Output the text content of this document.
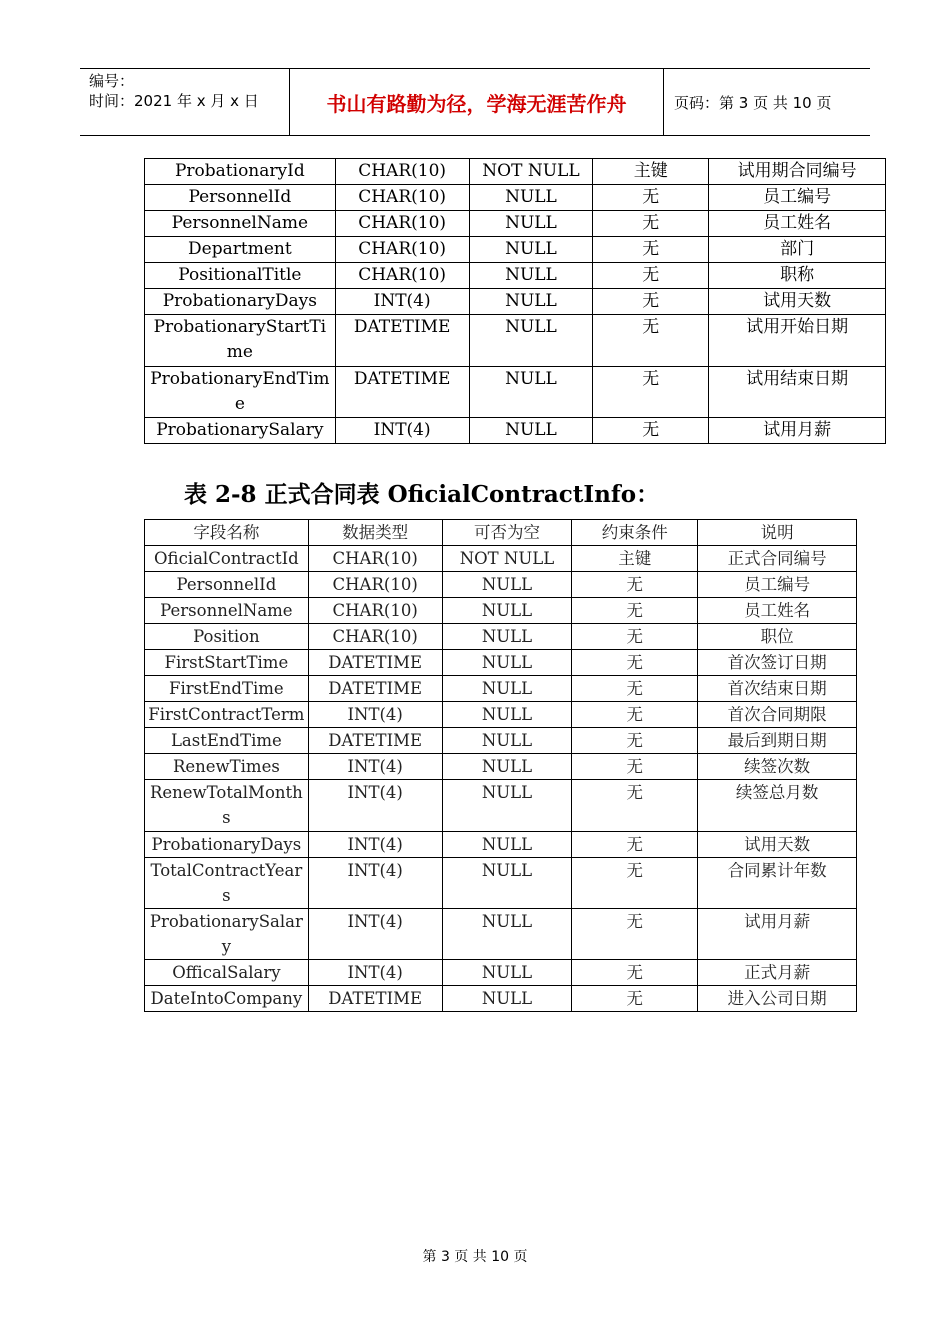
编号：
时间：2021 年 x 月 x 日	书山有路勤为径，学海无涯苦作舟	页码：第 3 页 共 10 页
ProbationaryId	CHAR(10)	NOT NULL	主键	试用期合同编号
PersonnelId	CHAR(10)	NULL	无	员工编号
PersonnelName	CHAR(10)	NULL	无	员工姓名
Department	CHAR(10)	NULL	无	部门
PositionalTitle	CHAR(10)	NULL	无	职称
ProbationaryDays	INT(4)	NULL	无	试用天数
ProbationaryStartTime	DATETIME	NULL	无	试用开始日期
ProbationaryEndTime	DATETIME	NULL	无	试用结束日期
ProbationarySalary	INT(4)	NULL	无	试用月薪
表 2-8 正式合同表 OficialContractInfo：
字段名称	数据类型	可否为空	约束条件	说明
OficialContractId	CHAR(10)	NOT NULL	主键	正式合同编号
PersonnelId	CHAR(10)	NULL	无	员工编号
PersonnelName	CHAR(10)	NULL	无	员工姓名
Position	CHAR(10)	NULL	无	职位
FirstStartTime	DATETIME	NULL	无	首次签订日期
FirstEndTime	DATETIME	NULL	无	首次结束日期
FirstContractTerm	INT(4)	NULL	无	首次合同期限
LastEndTime	DATETIME	NULL	无	最后到期日期
RenewTimes	INT(4)	NULL	无	续签次数
RenewTotalMonths	INT(4)	NULL	无	续签总月数
ProbationaryDays	INT(4)	NULL	无	试用天数
TotalContractYears	INT(4)	NULL	无	合同累计年数
ProbationarySalary	INT(4)	NULL	无	试用月薪
OfficalSalary	INT(4)	NULL	无	正式月薪
DateIntoCompany	DATETIME	NULL	无	进入公司日期
第 3 页 共 10 页
